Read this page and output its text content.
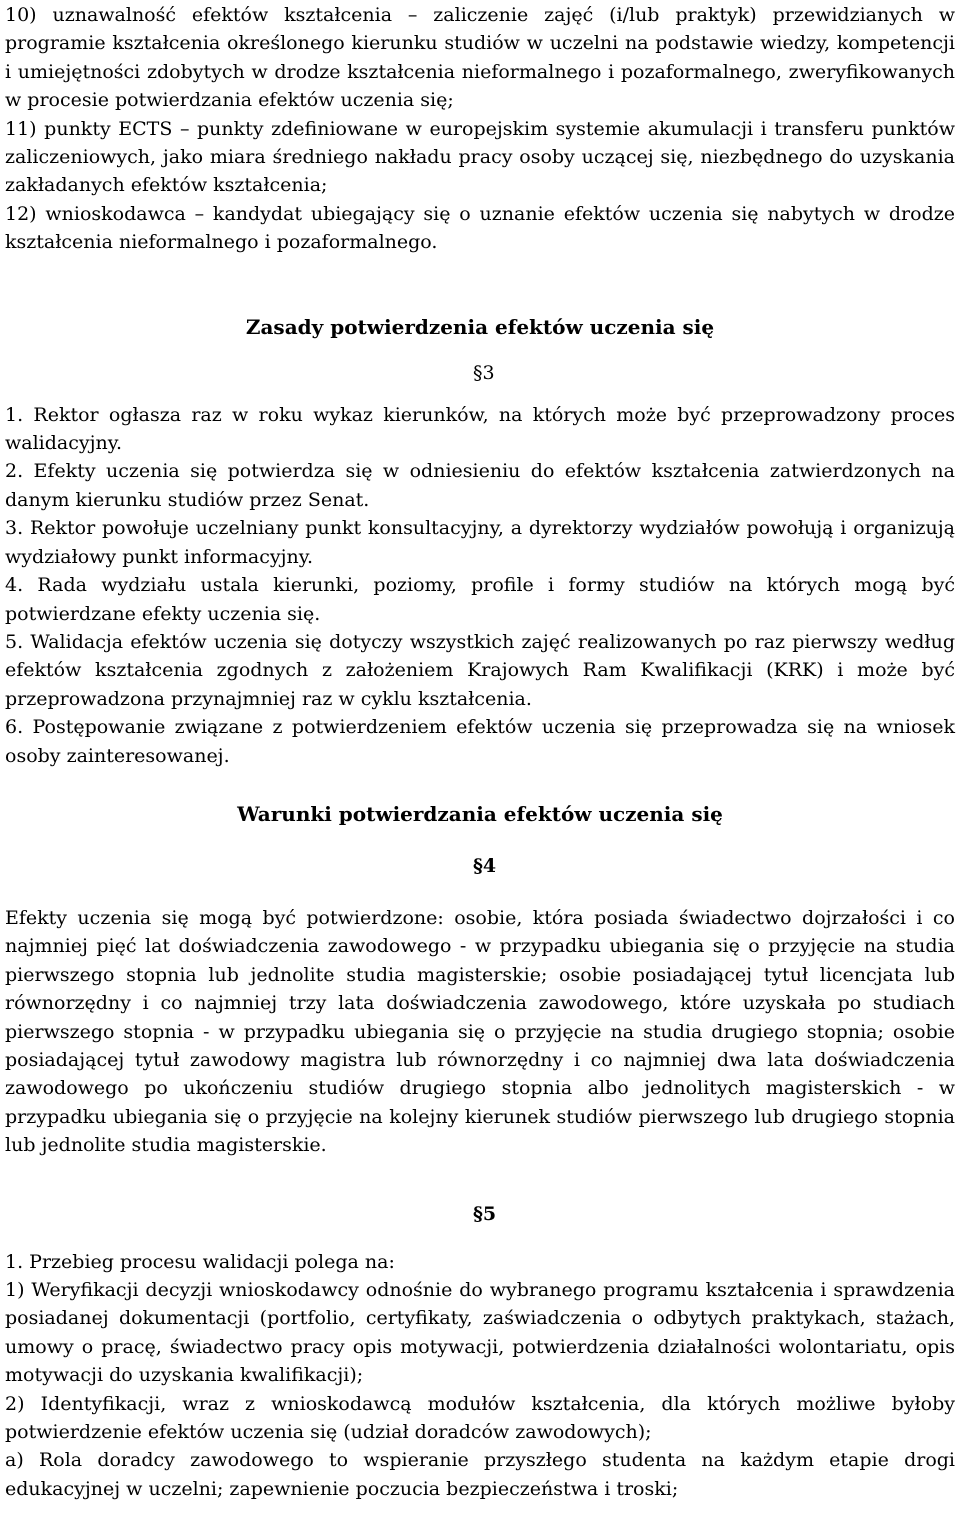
10) uznawalność efektów kształcenia – zaliczenie zajęć (i/lub praktyk) przewidzianych w programie kształcenia określonego kierunku studiów w uczelni na podstawie wiedzy, kompetencji i umiejętności zdobytych w drodze kształcenia nieformalnego i pozaformalnego, zweryfikowanych w procesie potwierdzania efektów uczenia się;

11) punkty ECTS – punkty zdefiniowane w europejskim systemie akumulacji i transferu punktów zaliczeniowych, jako miara średniego nakładu pracy osoby uczącej się, niezbędnego do uzyskania zakładanych efektów kształcenia;

12) wnioskodawca – kandydat ubiegający się o uznanie efektów uczenia się nabytych w drodze kształcenia nieformalnego i pozaformalnego.

Zasady potwierdzenia efektów uczenia się
§3

1. Rektor ogłasza raz w roku wykaz kierunków, na których może być przeprowadzony proces walidacyjny.

2. Efekty uczenia się potwierdza się w odniesieniu do efektów kształcenia zatwierdzonych na danym kierunku studiów przez Senat.

3. Rektor powołuje uczelniany punkt konsultacyjny, a dyrektorzy wydziałów powołują i organizują wydziałowy punkt informacyjny.

4. Rada wydziału ustala kierunki, poziomy, profile i formy studiów na których mogą być potwierdzane efekty uczenia się.

5. Walidacja efektów uczenia się dotyczy wszystkich zajęć realizowanych po raz pierwszy według efektów kształcenia zgodnych z założeniem Krajowych Ram Kwalifikacji (KRK) i może być przeprowadzona przynajmniej raz w cyklu kształcenia.

6. Postępowanie związane z potwierdzeniem efektów uczenia się przeprowadza się na wniosek osoby zainteresowanej.

Warunki potwierdzania efektów uczenia się
§4

Efekty uczenia się mogą być potwierdzone: osobie, która posiada świadectwo dojrzałości i co najmniej pięć lat doświadczenia zawodowego - w przypadku ubiegania się o przyjęcie na studia pierwszego stopnia lub jednolite studia magisterskie; osobie posiadającej tytuł licencjata lub równorzędny i co najmniej trzy lata doświadczenia zawodowego, które uzyskała po studiach pierwszego stopnia - w przypadku ubiegania się o przyjęcie na studia drugiego stopnia; osobie posiadającej tytuł zawodowy magistra lub równorzędny i co najmniej dwa lata doświadczenia zawodowego po ukończeniu studiów drugiego stopnia albo jednolitych magisterskich - w przypadku ubiegania się o przyjęcie na kolejny kierunek studiów pierwszego lub drugiego stopnia lub jednolite studia magisterskie.

§5

1. Przebieg procesu walidacji polega na:

1) Weryfikacji decyzji wnioskodawcy odnośnie do wybranego programu kształcenia i sprawdzenia posiadanej dokumentacji (portfolio, certyfikaty, zaświadczenia o odbytych praktykach, stażach, umowy o pracę, świadectwo pracy opis motywacji, potwierdzenia działalności wolontariatu, opis motywacji do uzyskania kwalifikacji);

2) Identyfikacji, wraz z wnioskodawcą modułów kształcenia, dla których możliwe byłoby potwierdzenie efektów uczenia się (udział doradców zawodowych);

a) Rola doradcy zawodowego to wspieranie przyszłego studenta na każdym etapie drogi edukacyjnej w uczelni; zapewnienie poczucia bezpieczeństwa i troski;
